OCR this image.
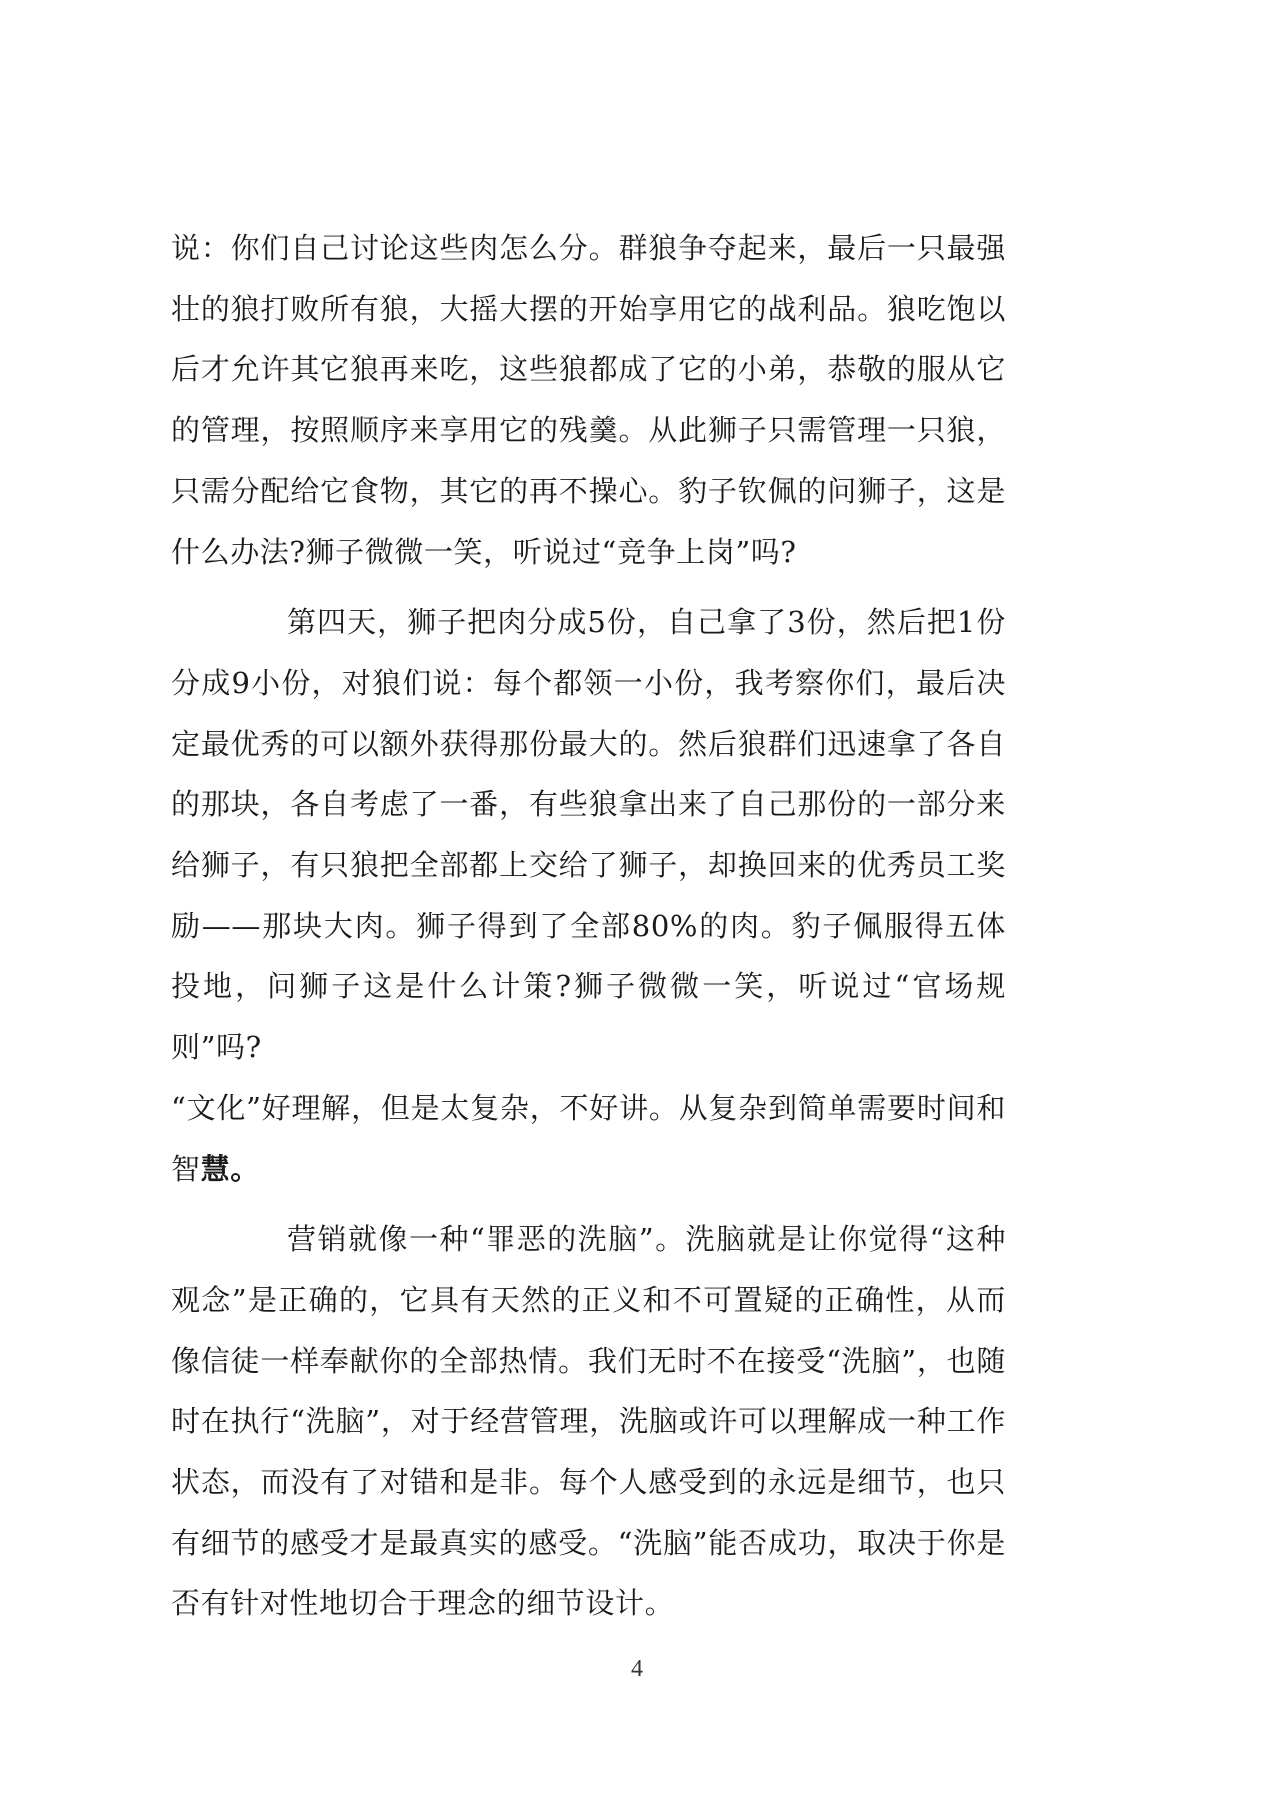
说：你们自己讨论这些肉怎么分。群狼争夺起来，最后一只最强壮的狼打败所有狼，大摇大摆的开始享用它的战利品。狼吃饱以后才允许其它狼再来吃，这些狼都成了它的小弟，恭敬的服从它的管理，按照顺序来享用它的残羹。从此狮子只需管理一只狼，只需分配给它食物，其它的再不操心。豹子钦佩的问狮子，这是什么办法?狮子微微一笑，听说过“竞争上岗”吗?

第四天，狮子把肉分成5份，自己拿了3份，然后把1份分成9小份，对狼们说：每个都领一小份，我考察你们，最后决定最优秀的可以额外获得那份最大的。然后狼群们迅速拿了各自的那块，各自考虑了一番，有些狼拿出来了自己那份的一部分来给狮子，有只狼把全部都上交给了狮子，却换回来的优秀员工奖励——那块大肉。狮子得到了全部80%的肉。豹子佩服得五体投地，问狮子这是什么计策?狮子微微一笑，听说过“官场规则”吗?

“文化”好理解，但是太复杂，不好讲。从复杂到简单需要时间和智慧。

营销就像一种“罪恶的洗脑”。洗脑就是让你觉得“这种观念”是正确的，它具有天然的正义和不可置疑的正确性，从而像信徒一样奉献你的全部热情。我们无时不在接受“洗脑”，也随时在执行“洗脑”，对于经营管理，洗脑或许可以理解成一种工作状态，而没有了对错和是非。每个人感受到的永远是细节，也只有细节的感受才是最真实的感受。“洗脑”能否成功，取决于你是否有针对性地切合于理念的细节设计。

4
